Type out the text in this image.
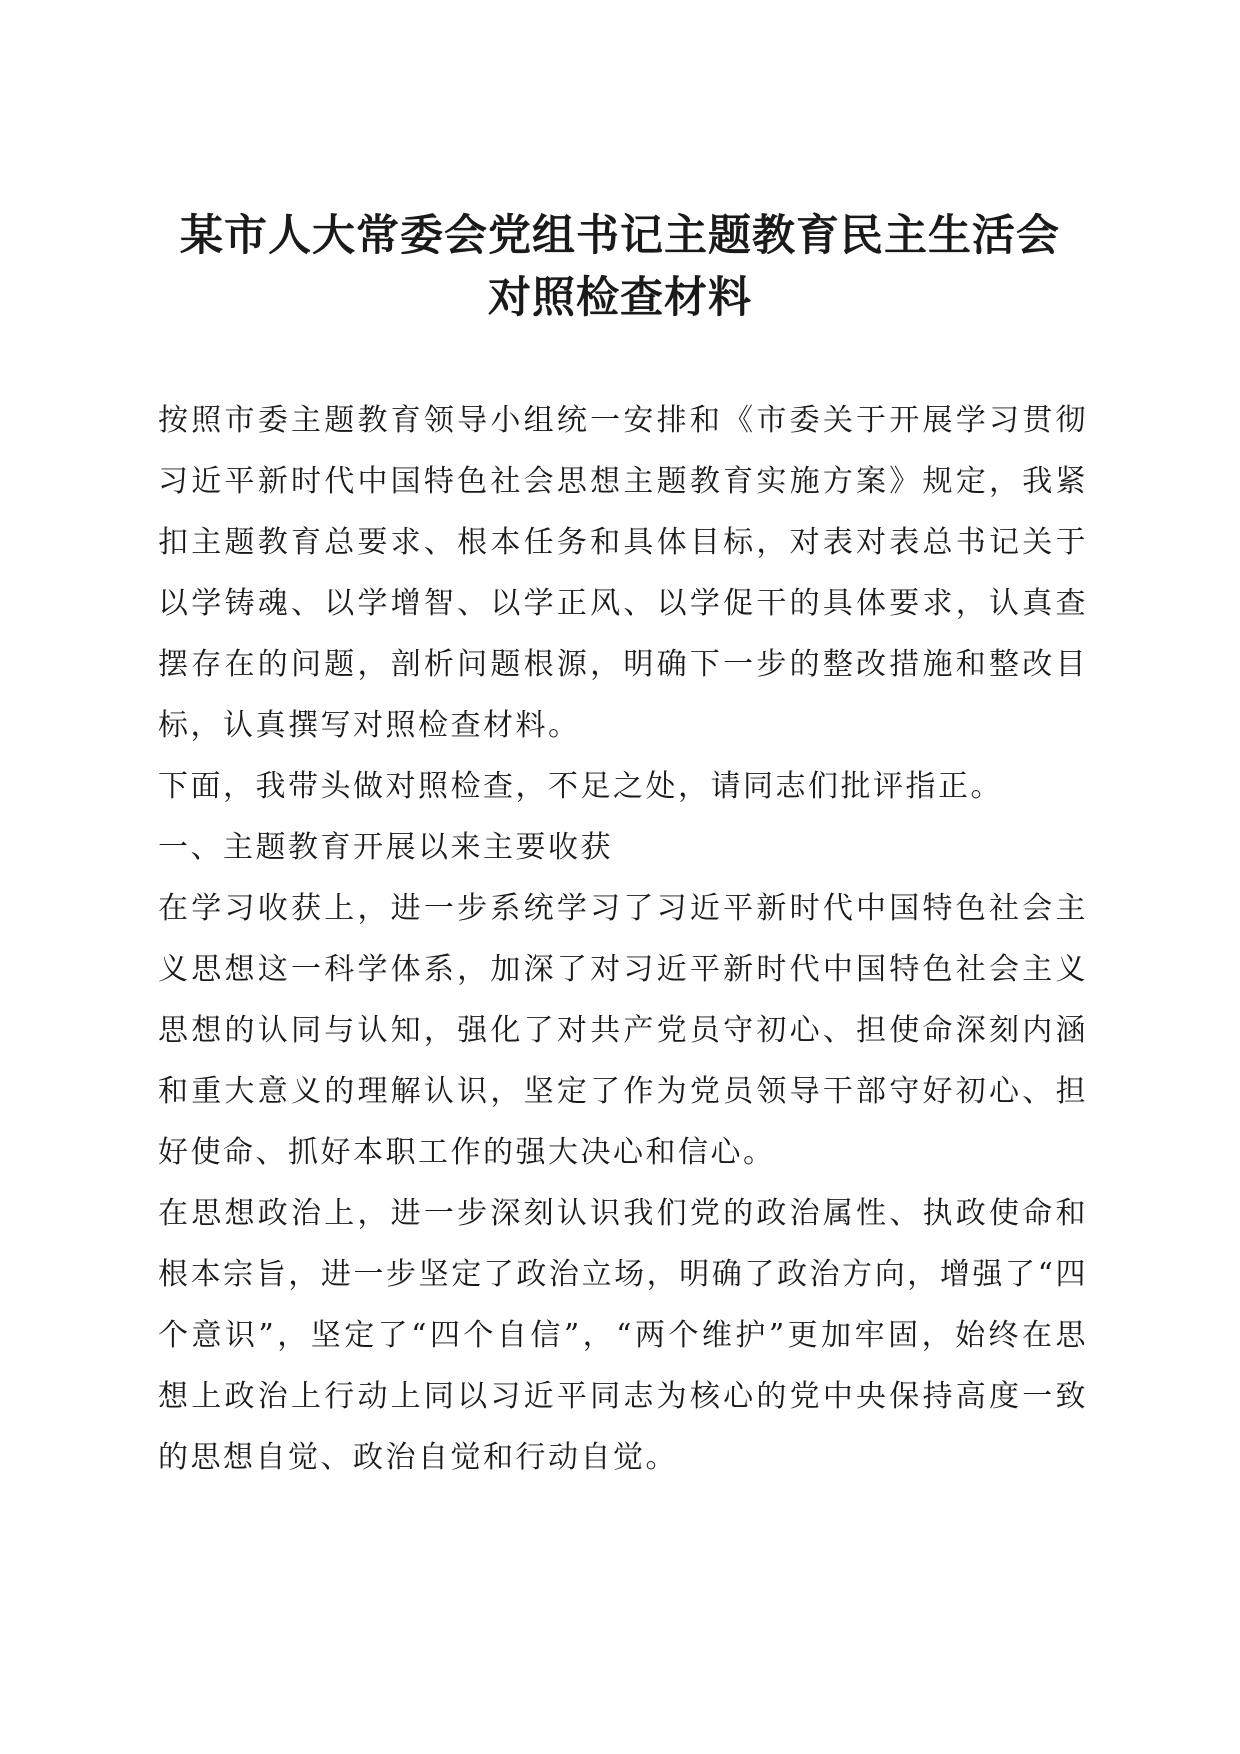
某市人大常委会党组书记主题教育民主生活会
对照检查材料

按照市委主题教育领导小组统一安排和《市委关于开展学习贯彻习近平新时代中国特色社会思想主题教育实施方案》规定，我紧扣主题教育总要求、根本任务和具体目标，对表对表总书记关于以学铸魂、以学增智、以学正风、以学促干的具体要求，认真查摆存在的问题，剖析问题根源，明确下一步的整改措施和整改目标，认真撰写对照检查材料。

下面，我带头做对照检查，不足之处，请同志们批评指正。

一、主题教育开展以来主要收获

在学习收获上，进一步系统学习了习近平新时代中国特色社会主义思想这一科学体系，加深了对习近平新时代中国特色社会主义思想的认同与认知，强化了对共产党员守初心、担使命深刻内涵和重大意义的理解认识，坚定了作为党员领导干部守好初心、担好使命、抓好本职工作的强大决心和信心。

在思想政治上，进一步深刻认识我们党的政治属性、执政使命和根本宗旨，进一步坚定了政治立场，明确了政治方向，增强了“四个意识”，坚定了“四个自信”，“两个维护”更加牢固，始终在思想上政治上行动上同以习近平同志为核心的党中央保持高度一致的思想自觉、政治自觉和行动自觉。
